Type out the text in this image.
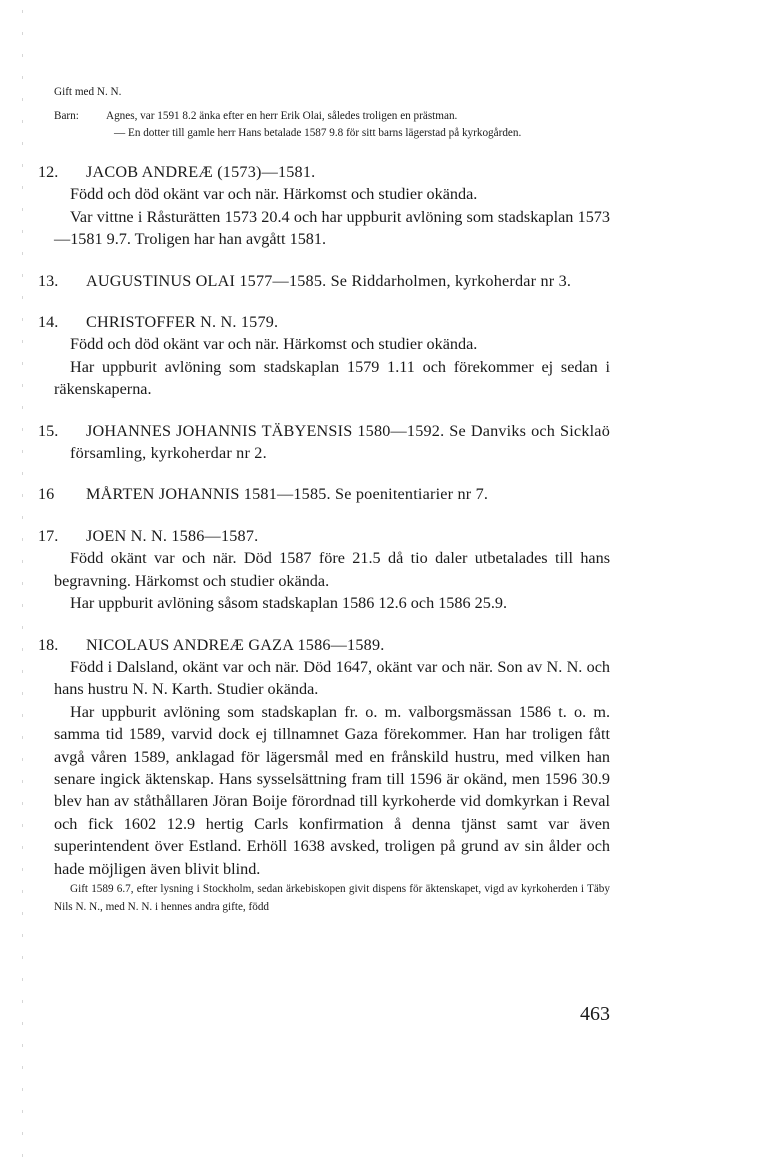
Gift med N. N.

Barn:	Agnes, var 1591 8.2 änka efter en herr Erik Olai, således troligen en prästman.

— En dotter till gamle herr Hans betalade 1587 9.8 för sitt barns lägerstad på kyrkogården.

12. JACOB ANDREÆ (1573)—1581.

Född och död okänt var och när. Härkomst och studier okända.

Var vittne i Råsturätten 1573 20.4 och har uppburit avlöning som stadskaplan 1573—1581 9.7. Troligen har han avgått 1581.

13. AUGUSTINUS OLAI 1577—1585. Se Riddarholmen, kyrkoherdar nr 3.

14. CHRISTOFFER N. N. 1579.

Född och död okänt var och när. Härkomst och studier okända.

Har uppburit avlöning som stadskaplan 1579 1.11 och förekommer ej sedan i räkenskaperna.

15. JOHANNES JOHANNIS TÄBYENSIS 1580—1592. Se Danviks och Sicklaö församling, kyrkoherdar nr 2.

16 MÅRTEN JOHANNIS 1581—1585. Se poenitentiarier nr 7.

17. JOEN N. N. 1586—1587.

Född okänt var och när. Död 1587 före 21.5 då tio daler utbetalades till hans begravning. Härkomst och studier okända.

Har uppburit avlöning såsom stadskaplan 1586 12.6 och 1586 25.9.

18. NICOLAUS ANDREÆ GAZA 1586—1589.

Född i Dalsland, okänt var och när. Död 1647, okänt var och när. Son av N. N. och hans hustru N. N. Karth. Studier okända.

Har uppburit avlöning som stadskaplan fr. o. m. valborgsmässan 1586 t. o. m. samma tid 1589, varvid dock ej tillnamnet Gaza förekommer. Han har troligen fått avgå våren 1589, anklagad för lägersmål med en frånskild hustru, med vilken han senare ingick äktenskap. Hans sysselsättning fram till 1596 är okänd, men 1596 30.9 blev han av ståthållaren Jöran Boije förordnad till kyrkoherde vid domkyrkan i Reval och fick 1602 12.9 hertig Carls konfirmation å denna tjänst samt var även superintendent över Estland. Erhöll 1638 avsked, troligen på grund av sin ålder och hade möjligen även blivit blind.

Gift 1589 6.7, efter lysning i Stockholm, sedan ärkebiskopen givit dispens för äktenskapet, vigd av kyrkoherden i Täby Nils N. N., med N. N. i hennes andra gifte, född

463
